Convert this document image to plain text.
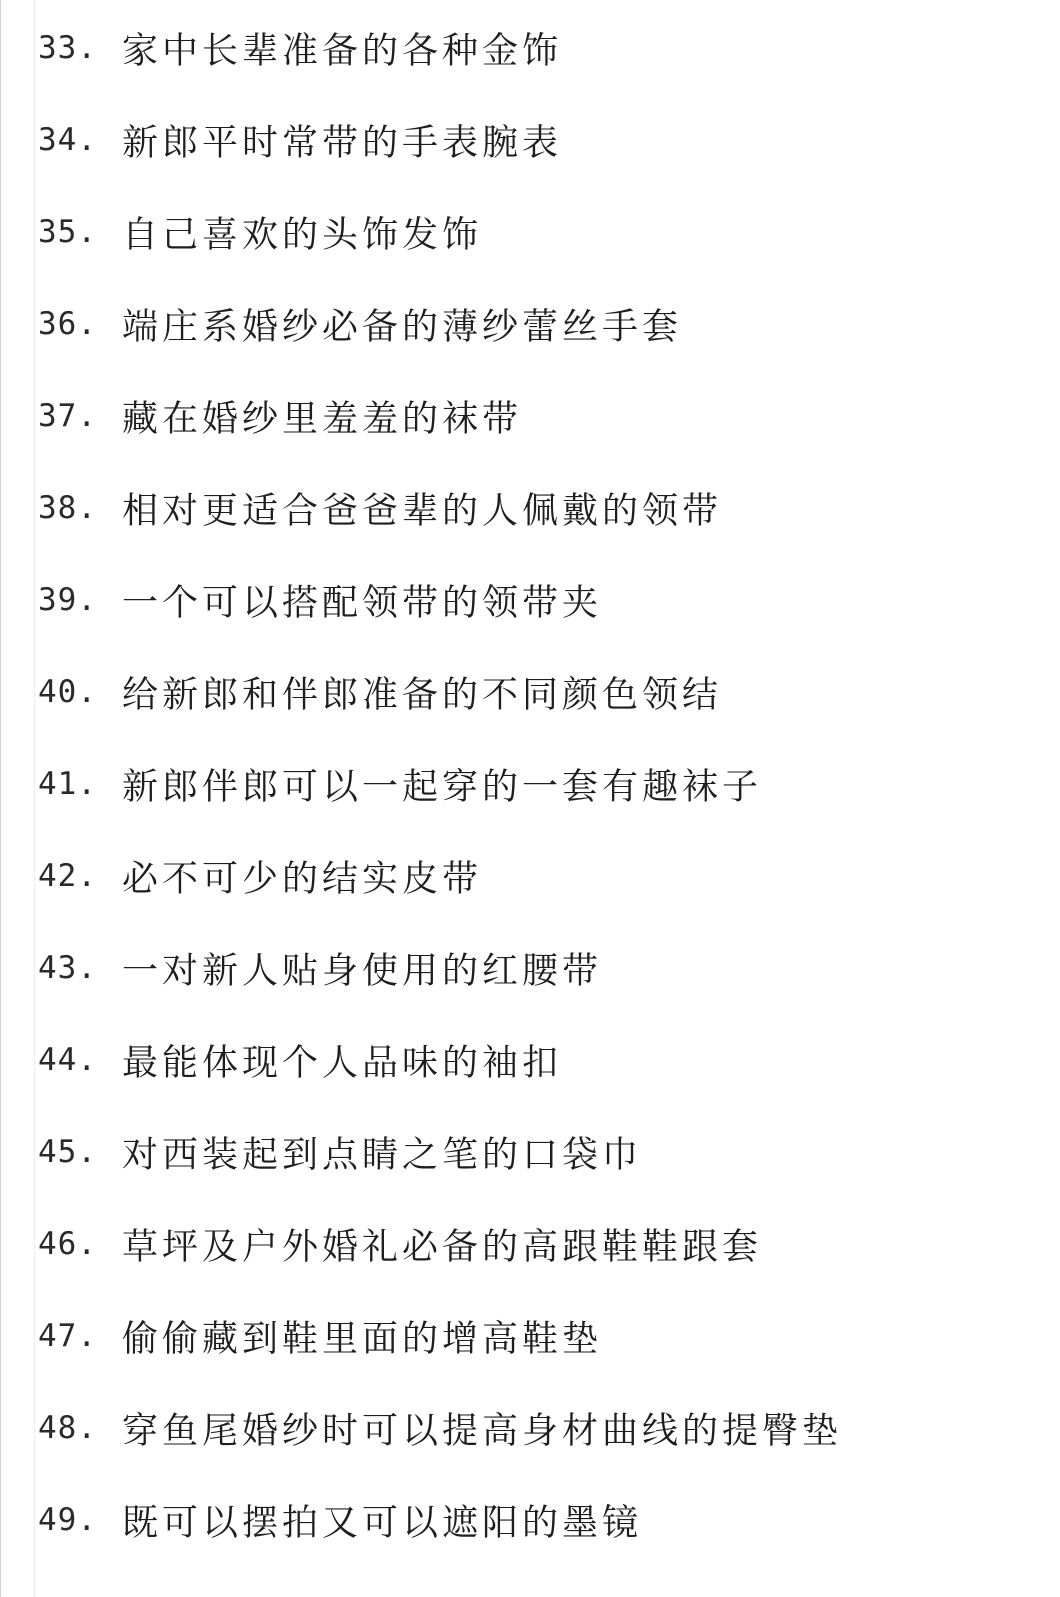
33. 家中长辈准备的各种金饰
34. 新郎平时常带的手表腕表
35. 自己喜欢的头饰发饰
36. 端庄系婚纱必备的薄纱蕾丝手套
37. 藏在婚纱里羞羞的袜带
38. 相对更适合爸爸辈的人佩戴的领带
39. 一个可以搭配领带的领带夹
40. 给新郎和伴郎准备的不同颜色领结
41. 新郎伴郎可以一起穿的一套有趣袜子
42. 必不可少的结实皮带
43. 一对新人贴身使用的红腰带
44. 最能体现个人品味的袖扣
45. 对西装起到点睛之笔的口袋巾
46. 草坪及户外婚礼必备的高跟鞋鞋跟套
47. 偷偷藏到鞋里面的增高鞋垫
48. 穿鱼尾婚纱时可以提高身材曲线的提臀垫
49. 既可以摆拍又可以遮阳的墨镜
